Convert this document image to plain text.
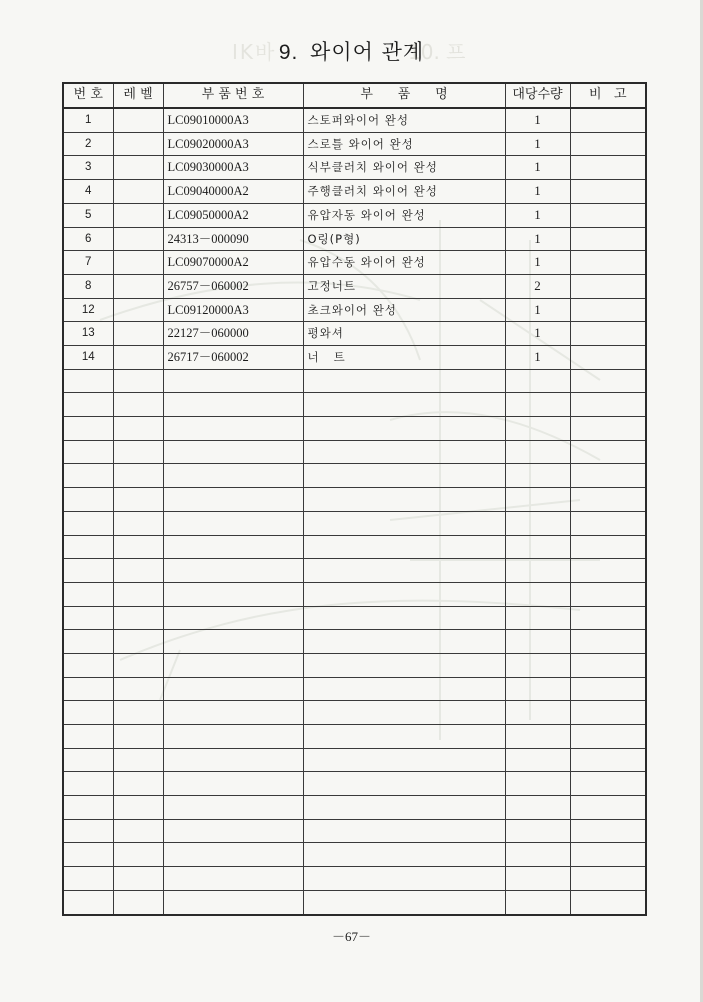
IK바	10. 프
9. 와이어 관계
번 호	레 벨	부 품 번 호	부      품      명	대당수량	비   고
1		LC09010000A3	스토퍼와이어 완성	1	
2		LC09020000A3	스로틀 와이어 완성	1	
3		LC09030000A3	식부클러치 와이어 완성	1	
4		LC09040000A2	주행클러치 와이어 완성	1	
5		LC09050000A2	유압자동 와이어 완성	1	
6		24313－000090	O링(P형)	1	
7		LC09070000A2	유압수동 와이어 완성	1	
8		26757－060002	고정너트	2	
12		LC09120000A3	초크와이어 완성	1	
13		22127－060000	평와셔	1	
14		26717－060002	너   트	1	

－67－
